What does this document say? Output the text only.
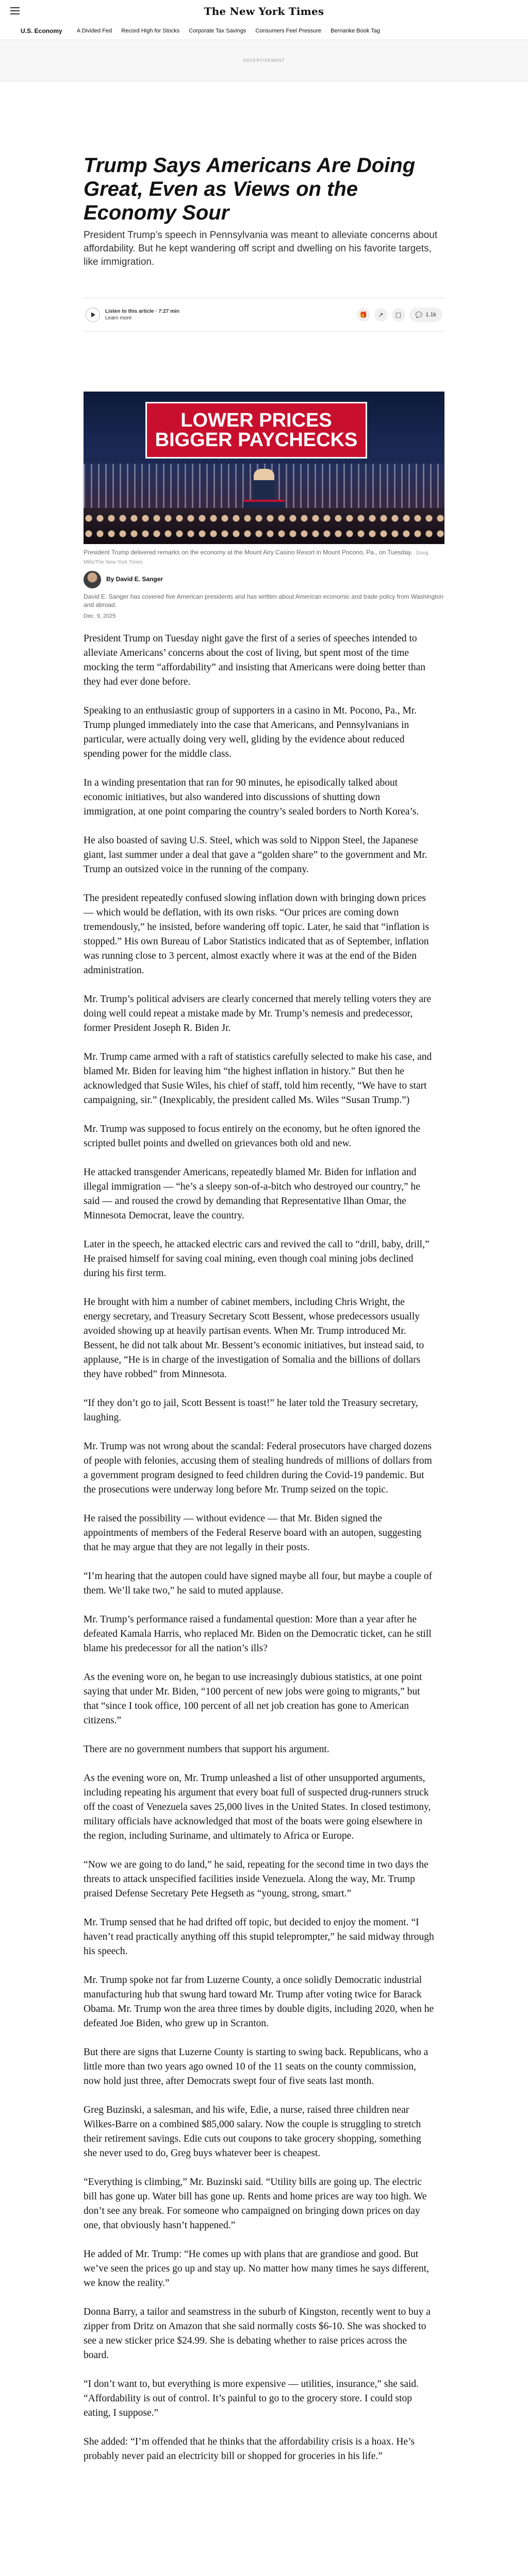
The New York Times
U.S. Economy	A Divided Fed Record High for Stocks Corporate Tax Savings Consumers Feel Pressure Bernanke Book Tag
ADVERTISEMENT
Trump Says Americans Are Doing Great, Even as Views on the Economy Sour

President Trump’s speech in Pennsylvania was meant to alleviate concerns about affordability. But he kept wandering off script and dwelling on his favorite targets, like immigration.

Listen to this article · 7:27 min
Learn more	🎁	↗	□	💬 1.1k
LOWER PRICES
BIGGER PAYCHECKS

President Trump delivered remarks on the economy at the Mount Airy Casino Resort in Mount Pocono, Pa., on Tuesday. Doug Mills/The New York Times

By David E. Sanger

David E. Sanger has covered five American presidents and has written about American economic and trade policy from Washington and abroad.

Dec. 9, 2025

President Trump on Tuesday night gave the first of a series of speeches intended to alleviate Americans’ concerns about the cost of living, but spent most of the time mocking the term “affordability” and insisting that Americans were doing better than they had ever done before.

Speaking to an enthusiastic group of supporters in a casino in Mt. Pocono, Pa., Mr. Trump plunged immediately into the case that Americans, and Pennsylvanians in particular, were actually doing very well, gliding by the evidence about reduced spending power for the middle class.

In a winding presentation that ran for 90 minutes, he episodically talked about economic initiatives, but also wandered into discussions of shutting down immigration, at one point comparing the country’s sealed borders to North Korea’s.

He also boasted of saving U.S. Steel, which was sold to Nippon Steel, the Japanese giant, last summer under a deal that gave a “golden share” to the government and Mr. Trump an outsized voice in the running of the company.

The president repeatedly confused slowing inflation down with bringing down prices — which would be deflation, with its own risks. “Our prices are coming down tremendously,” he insisted, before wandering off topic. Later, he said that “inflation is stopped.” His own Bureau of Labor Statistics indicated that as of September, inflation was running close to 3 percent, almost exactly where it was at the end of the Biden administration.

Mr. Trump’s political advisers are clearly concerned that merely telling voters they are doing well could repeat a mistake made by Mr. Trump’s nemesis and predecessor, former President Joseph R. Biden Jr.

Mr. Trump came armed with a raft of statistics carefully selected to make his case, and blamed Mr. Biden for leaving him “the highest inflation in history.” But then he acknowledged that Susie Wiles, his chief of staff, told him recently, “We have to start campaigning, sir.” (Inexplicably, the president called Ms. Wiles “Susan Trump.”)

Mr. Trump was supposed to focus entirely on the economy, but he often ignored the scripted bullet points and dwelled on grievances both old and new.

He attacked transgender Americans, repeatedly blamed Mr. Biden for inflation and illegal immigration — “he’s a sleepy son-of-a-bitch who destroyed our country,” he said — and roused the crowd by demanding that Representative Ilhan Omar, the Minnesota Democrat, leave the country.

Later in the speech, he attacked electric cars and revived the call to “drill, baby, drill,” He praised himself for saving coal mining, even though coal mining jobs declined during his first term.

He brought with him a number of cabinet members, including Chris Wright, the energy secretary, and Treasury Secretary Scott Bessent, whose predecessors usually avoided showing up at heavily partisan events. When Mr. Trump introduced Mr. Bessent, he did not talk about Mr. Bessent’s economic initiatives, but instead said, to applause, “He is in charge of the investigation of Somalia and the billions of dollars they have robbed” from Minnesota.

“If they don’t go to jail, Scott Bessent is toast!” he later told the Treasury secretary, laughing.

Mr. Trump was not wrong about the scandal: Federal prosecutors have charged dozens of people with felonies, accusing them of stealing hundreds of millions of dollars from a government program designed to feed children during the Covid-19 pandemic. But the prosecutions were underway long before Mr. Trump seized on the topic.

He raised the possibility — without evidence — that Mr. Biden signed the appointments of members of the Federal Reserve board with an autopen, suggesting that he may argue that they are not legally in their posts.

“I’m hearing that the autopen could have signed maybe all four, but maybe a couple of them. We’ll take two,” he said to muted applause.

Mr. Trump’s performance raised a fundamental question: More than a year after he defeated Kamala Harris, who replaced Mr. Biden on the Democratic ticket, can he still blame his predecessor for all the nation’s ills?

As the evening wore on, he began to use increasingly dubious statistics, at one point saying that under Mr. Biden, “100 percent of new jobs were going to migrants,” but that “since I took office, 100 percent of all net job creation has gone to American citizens.”

There are no government numbers that support his argument.

As the evening wore on, Mr. Trump unleashed a list of other unsupported arguments, including repeating his argument that every boat full of suspected drug-runners struck off the coast of Venezuela saves 25,000 lives in the United States. In closed testimony, military officials have acknowledged that most of the boats were going elsewhere in the region, including Suriname, and ultimately to Africa or Europe.

“Now we are going to do land,” he said, repeating for the second time in two days the threats to attack unspecified facilities inside Venezuela. Along the way, Mr. Trump praised Defense Secretary Pete Hegseth as “young, strong, smart.”

Mr. Trump sensed that he had drifted off topic, but decided to enjoy the moment. “I haven’t read practically anything off this stupid teleprompter,” he said midway through his speech.

Mr. Trump spoke not far from Luzerne County, a once solidly Democratic industrial manufacturing hub that swung hard toward Mr. Trump after voting twice for Barack Obama. Mr. Trump won the area three times by double digits, including 2020, when he defeated Joe Biden, who grew up in Scranton.

But there are signs that Luzerne County is starting to swing back. Republicans, who a little more than two years ago owned 10 of the 11 seats on the county commission, now hold just three, after Democrats swept four of five seats last month.

Greg Buzinski, a salesman, and his wife, Edie, a nurse, raised three children near Wilkes-Barre on a combined $85,000 salary. Now the couple is struggling to stretch their retirement savings. Edie cuts out coupons to take grocery shopping, something she never used to do, Greg buys whatever beer is cheapest.

“Everything is climbing,” Mr. Buzinski said. “Utility bills are going up. The electric bill has gone up. Water bill has gone up. Rents and home prices are way too high. We don’t see any break. For someone who campaigned on bringing down prices on day one, that obviously hasn’t happened.”

He added of Mr. Trump: “He comes up with plans that are grandiose and good. But we’ve seen the prices go up and stay up. No matter how many times he says different, we know the reality.”

Donna Barry, a tailor and seamstress in the suburb of Kingston, recently went to buy a zipper from Dritz on Amazon that she said normally costs $6-10. She was shocked to see a new sticker price $24.99. She is debating whether to raise prices across the board.

“I don’t want to, but everything is more expensive — utilities, insurance,” she said. “Affordability is out of control. It’s painful to go to the grocery store. I could stop eating, I suppose.”

She added: “I’m offended that he thinks that the affordability crisis is a hoax. He’s probably never paid an electricity bill or shopped for groceries in his life.”
